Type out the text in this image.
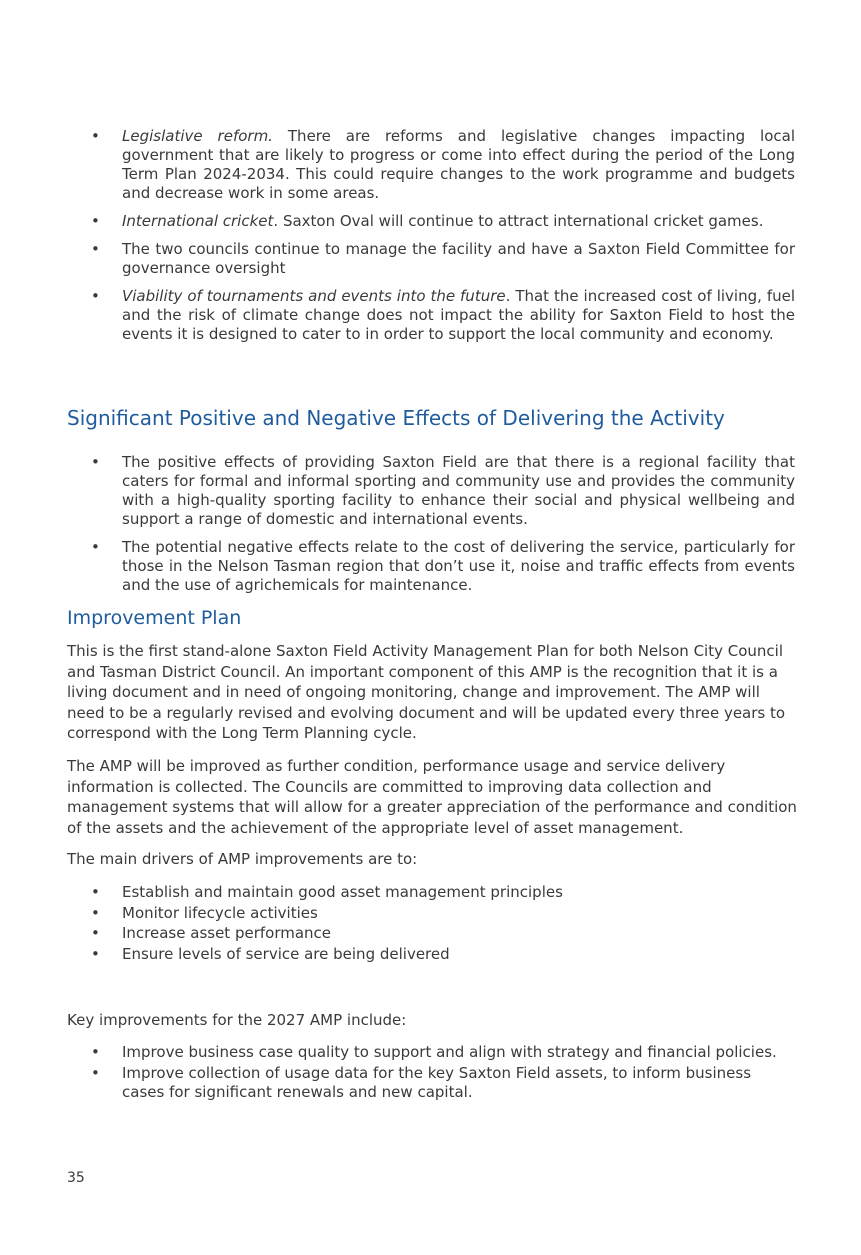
• Legislative reform. There are reforms and legislative changes impacting local government that are likely to progress or come into effect during the period of the Long Term Plan 2024-2034. This could require changes to the work programme and budgets and decrease work in some areas.
• International cricket. Saxton Oval will continue to attract international cricket games.
• The two councils continue to manage the facility and have a Saxton Field Committee for governance oversight
• Viability of tournaments and events into the future. That the increased cost of living, fuel and the risk of climate change does not impact the ability for Saxton Field to host the events it is designed to cater to in order to support the local community and economy.
Significant Positive and Negative Effects of Delivering the Activity
• The positive effects of providing Saxton Field are that there is a regional facility that caters for formal and informal sporting and community use and provides the community with a high-quality sporting facility to enhance their social and physical wellbeing and support a range of domestic and international events.
• The potential negative effects relate to the cost of delivering the service, particularly for those in the Nelson Tasman region that don’t use it, noise and traffic effects from events and the use of agrichemicals for maintenance.
Improvement Plan

This is the first stand-alone Saxton Field Activity Management Plan for both Nelson City Council and Tasman District Council. An important component of this AMP is the recognition that it is a living document and in need of ongoing monitoring, change and improvement. The AMP will need to be a regularly revised and evolving document and will be updated every three years to correspond with the Long Term Planning cycle.

The AMP will be improved as further condition, performance usage and service delivery information is collected. The Councils are committed to improving data collection and management systems that will allow for a greater appreciation of the performance and condition of the assets and the achievement of the appropriate level of asset management.

The main drivers of AMP improvements are to:

• Establish and maintain good asset management principles
• Monitor lifecycle activities
• Increase asset performance
• Ensure levels of service are being delivered

Key improvements for the 2027 AMP include:

• Improve business case quality to support and align with strategy and financial policies.
• Improve collection of usage data for the key Saxton Field assets, to inform business cases for significant renewals and new capital.
35
